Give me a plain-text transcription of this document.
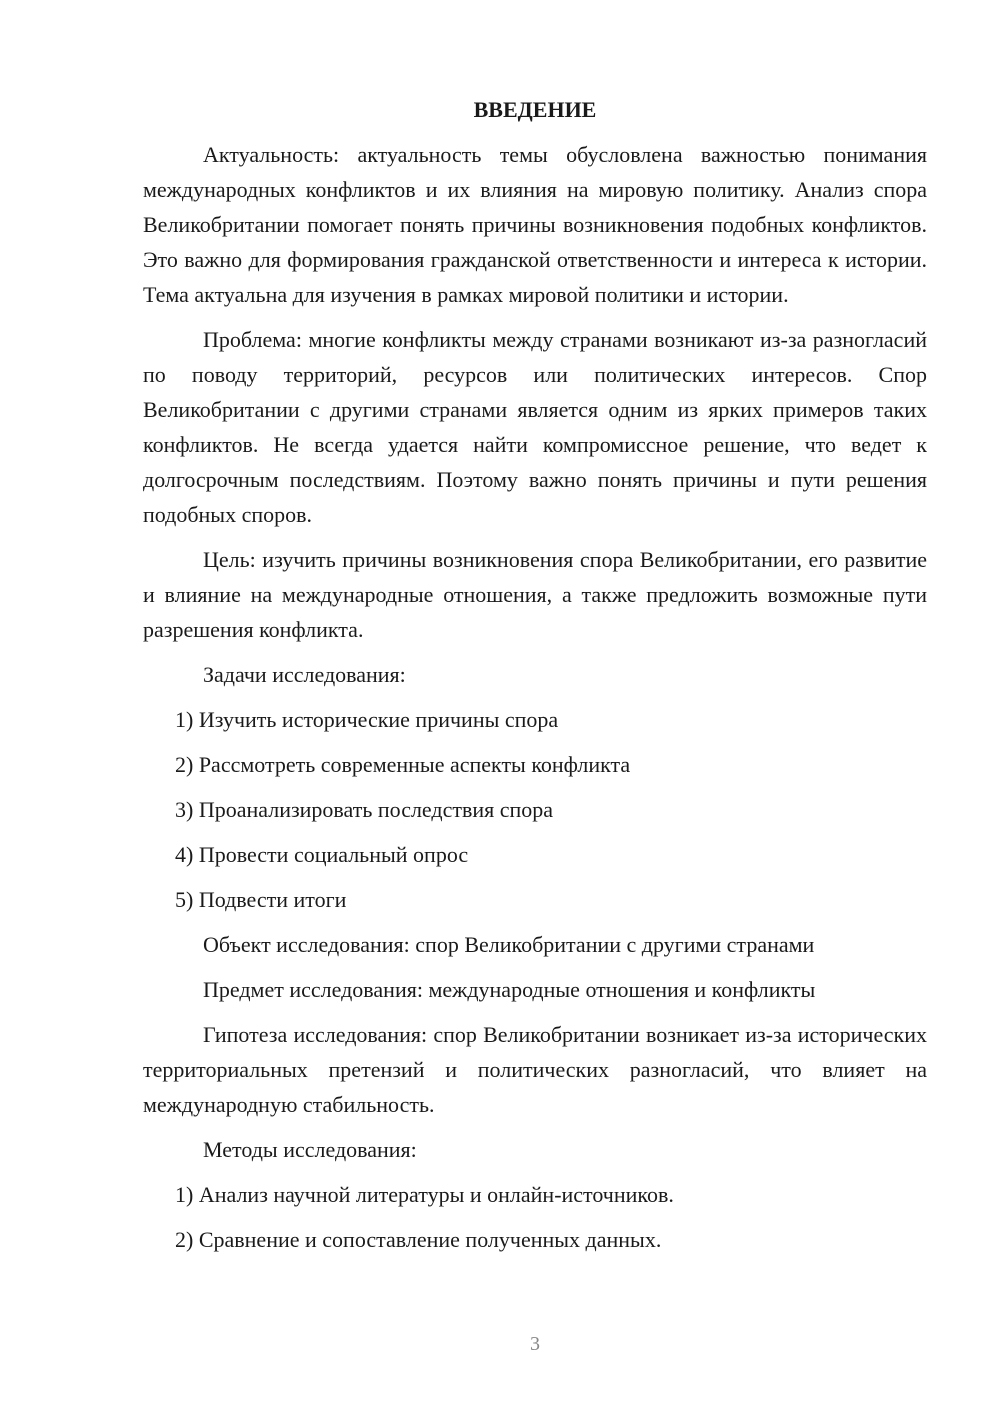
ВВЕДЕНИЕ

Актуальность: актуальность темы обусловлена важностью понимания международных конфликтов и их влияния на мировую политику. Анализ спора Великобритании помогает понять причины возникновения подобных конфликтов. Это важно для формирования гражданской ответственности и интереса к истории. Тема актуальна для изучения в рамках мировой политики и истории.

Проблема: многие конфликты между странами возникают из-за разногласий по поводу территорий, ресурсов или политических интересов. Спор Великобритании с другими странами является одним из ярких примеров таких конфликтов. Не всегда удается найти компромиссное решение, что ведет к долгосрочным последствиям. Поэтому важно понять причины и пути решения подобных споров.

Цель: изучить причины возникновения спора Великобритании, его развитие и влияние на международные отношения, а также предложить возможные пути разрешения конфликта.

Задачи исследования:
1) Изучить исторические причины спора
2) Рассмотреть современные аспекты конфликта
3) Проанализировать последствия спора
4) Провести социальный опрос
5) Подвести итоги
Объект исследования: спор Великобритании с другими странами
Предмет исследования: международные отношения и конфликты

Гипотеза исследования: спор Великобритании возникает из-за исторических территориальных претензий и политических разногласий, что влияет на международную стабильность.

Методы исследования:
1) Анализ научной литературы и онлайн-источников.
2) Сравнение и сопоставление полученных данных.
3
